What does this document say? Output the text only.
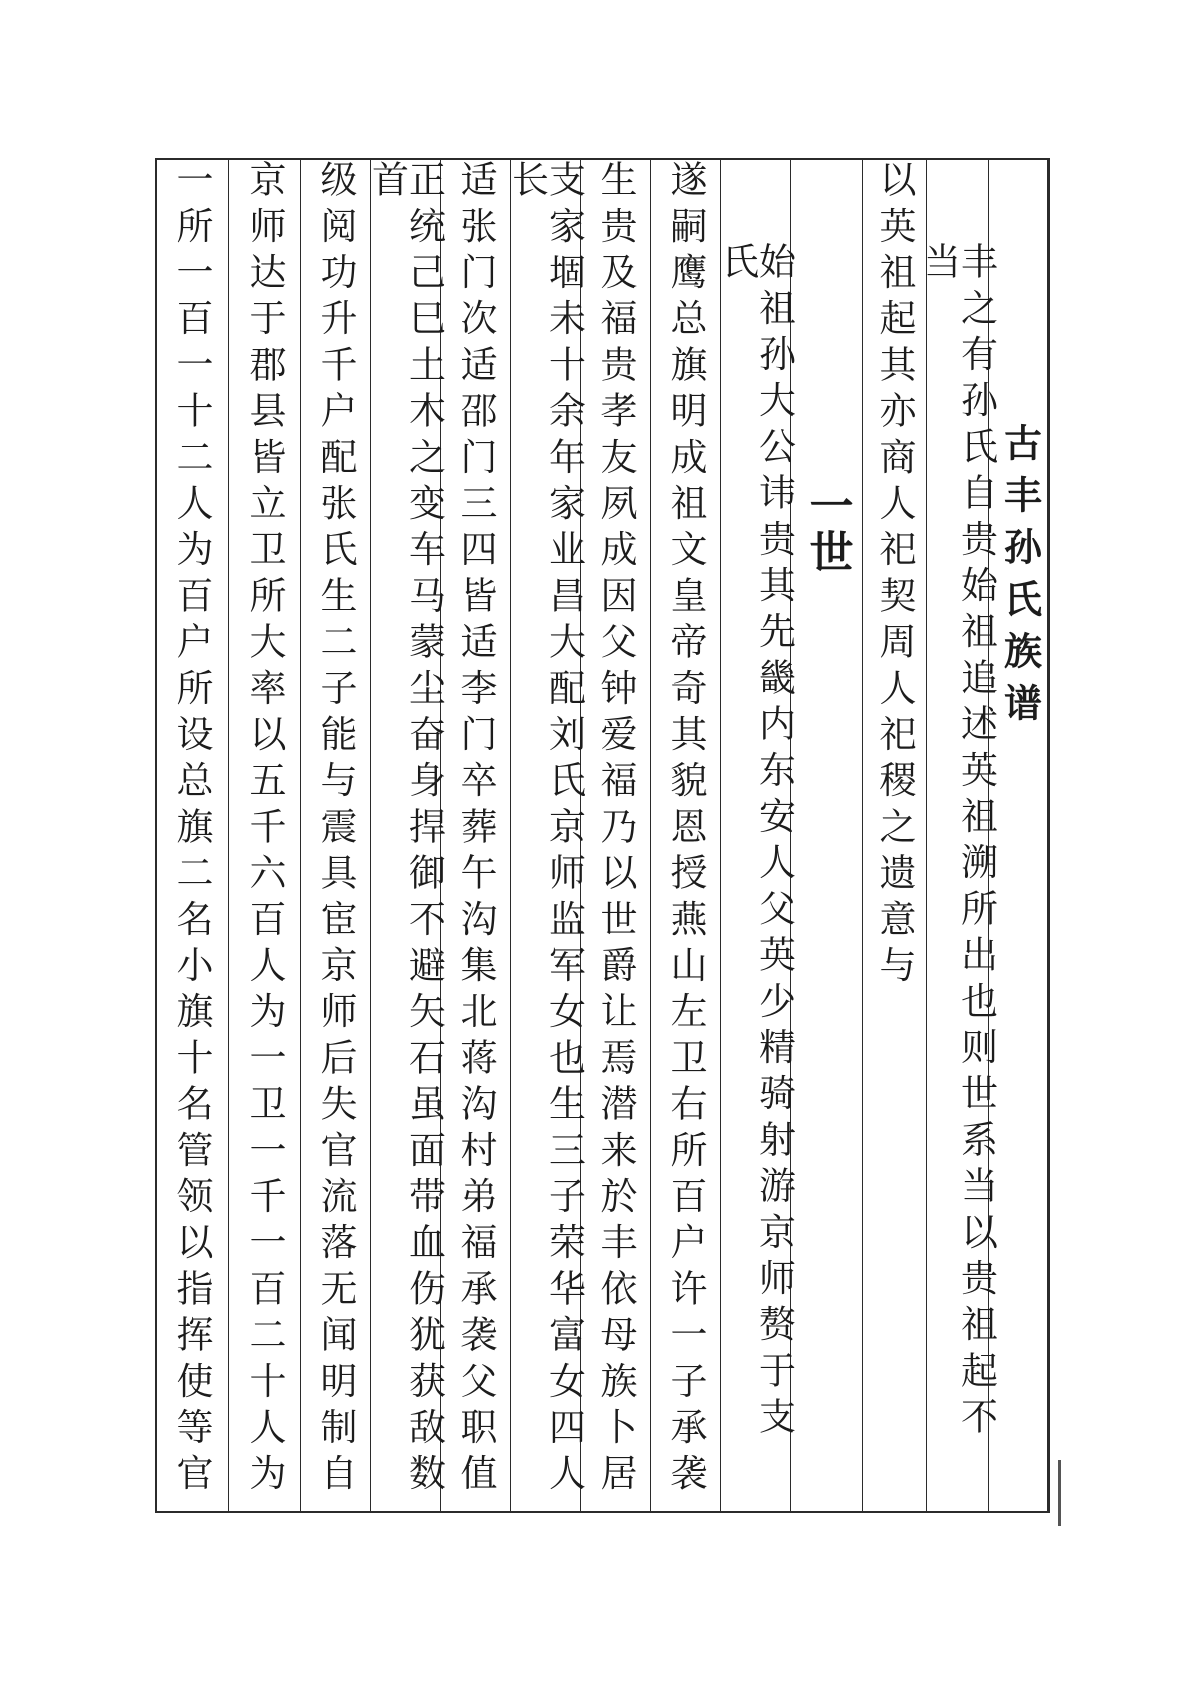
古丰孙氏族谱
丰之有孙氏自贵始祖追述英祖溯所出也则世系当以贵祖起不当
以英祖起其亦商人祀契周人祀稷之遗意与
一世
始祖孙大公讳贵其先畿内东安人父英少精骑射游京师赘于支氏
遂嗣鹰总旗明成祖文皇帝奇其貌恩授燕山左卫右所百户许一子承袭
生贵及福贵孝友夙成因父钟爱福乃以世爵让焉潜来於丰依母族卜居
支家堌未十余年家业昌大配刘氏京师监军女也生三子荣华富女四人长
适张门次适邵门三四皆适李门卒葬午沟集北蒋沟村弟福承袭父职值
正统己巳土木之变车马蒙尘奋身捍御不避矢石虽面带血伤犹获敌数首
级阅功升千户配张氏生二子能与震具宦京师后失官流落无闻明制自
京师达于郡县皆立卫所大率以五千六百人为一卫一千一百二十人为
一所一百一十二人为百户所设总旗二名小旗十名管领以指挥使等官
